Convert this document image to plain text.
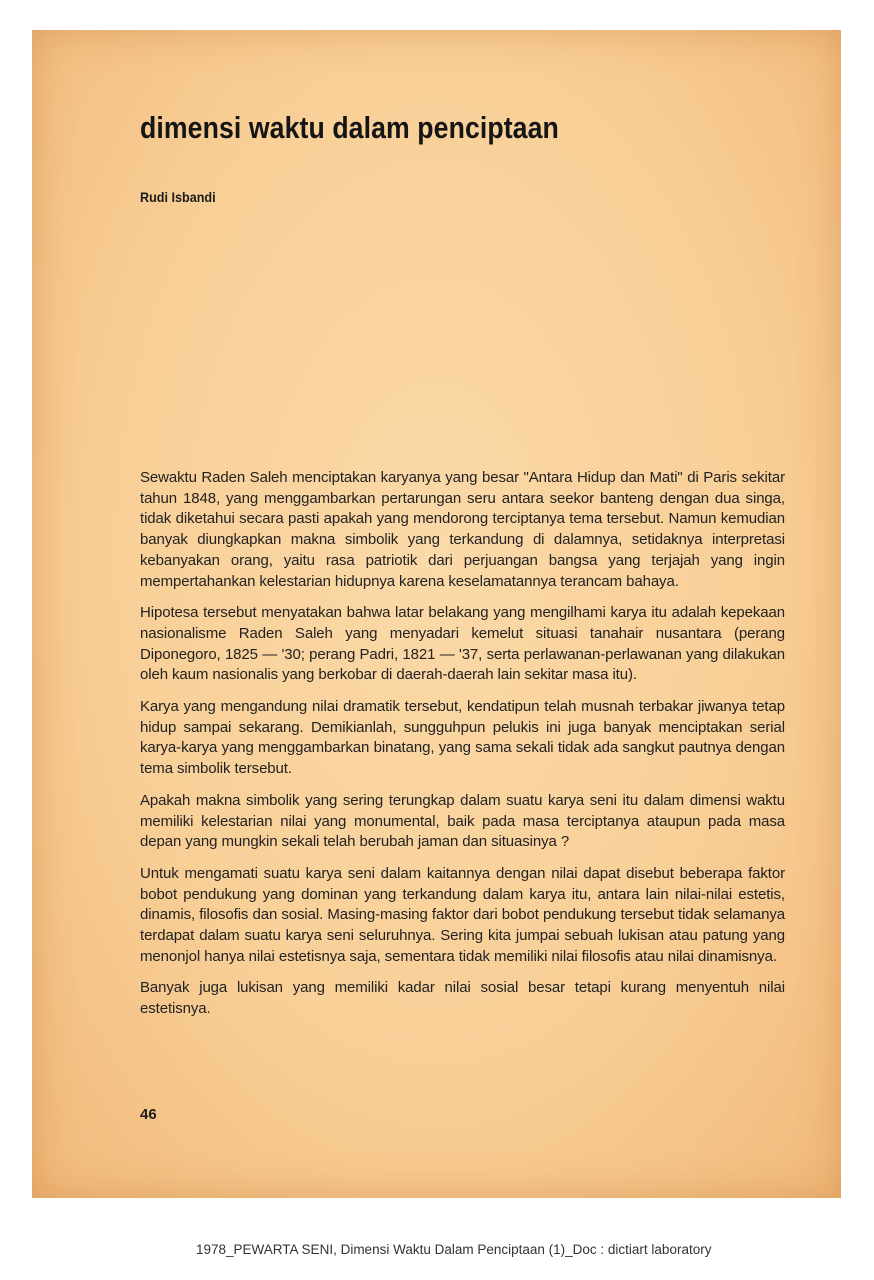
dimensi waktu dalam penciptaan

Rudi Isbandi

Sewaktu Raden Saleh menciptakan karyanya yang besar "Antara Hidup dan Mati" di Paris sekitar tahun 1848, yang menggambarkan pertarungan seru antara seekor banteng dengan dua singa, tidak diketahui secara pasti apakah yang mendorong terciptanya tema tersebut. Namun kemudian banyak diungkapkan makna simbolik yang terkandung di dalamnya, setidaknya interpretasi kebanyakan orang, yaitu rasa patriotik dari perjuangan bangsa yang terjajah yang ingin mempertahankan kelestarian hidupnya karena keselamatannya terancam bahaya.

Hipotesa tersebut menyatakan bahwa latar belakang yang mengilhami karya itu adalah kepekaan nasionalisme Raden Saleh yang menyadari kemelut situasi tanahair nusantara (perang Diponegoro, 1825 — '30; perang Padri, 1821 — '37, serta perlawanan-perlawanan yang dilakukan oleh kaum nasionalis yang berkobar di daerah-daerah lain sekitar masa itu).

Karya yang mengandung nilai dramatik tersebut, kendatipun telah musnah terbakar jiwanya tetap hidup sampai sekarang. Demikianlah, sungguhpun pelukis ini juga banyak menciptakan serial karya-karya yang menggambarkan binatang, yang sama sekali tidak ada sangkut pautnya dengan tema simbolik tersebut.

Apakah makna simbolik yang sering terungkap dalam suatu karya seni itu dalam dimensi waktu memiliki kelestarian nilai yang monumental, baik pada masa terciptanya ataupun pada masa depan yang mungkin sekali telah berubah jaman dan situasinya ?

Untuk mengamati suatu karya seni dalam kaitannya dengan nilai dapat disebut beberapa faktor bobot pendukung yang dominan yang terkandung dalam karya itu, antara lain nilai-nilai estetis, dinamis, filosofis dan sosial. Masing-masing faktor dari bobot pendukung tersebut tidak selamanya terdapat dalam suatu karya seni seluruhnya. Sering kita jumpai sebuah lukisan atau patung yang menonjol hanya nilai estetisnya saja, sementara tidak memiliki nilai filosofis atau nilai dinamisnya.

Banyak juga lukisan yang memiliki kadar nilai sosial besar tetapi kurang menyentuh nilai estetisnya.

46

1978_PEWARTA SENI, Dimensi Waktu Dalam Penciptaan (1)_Doc : dictiart laboratory
